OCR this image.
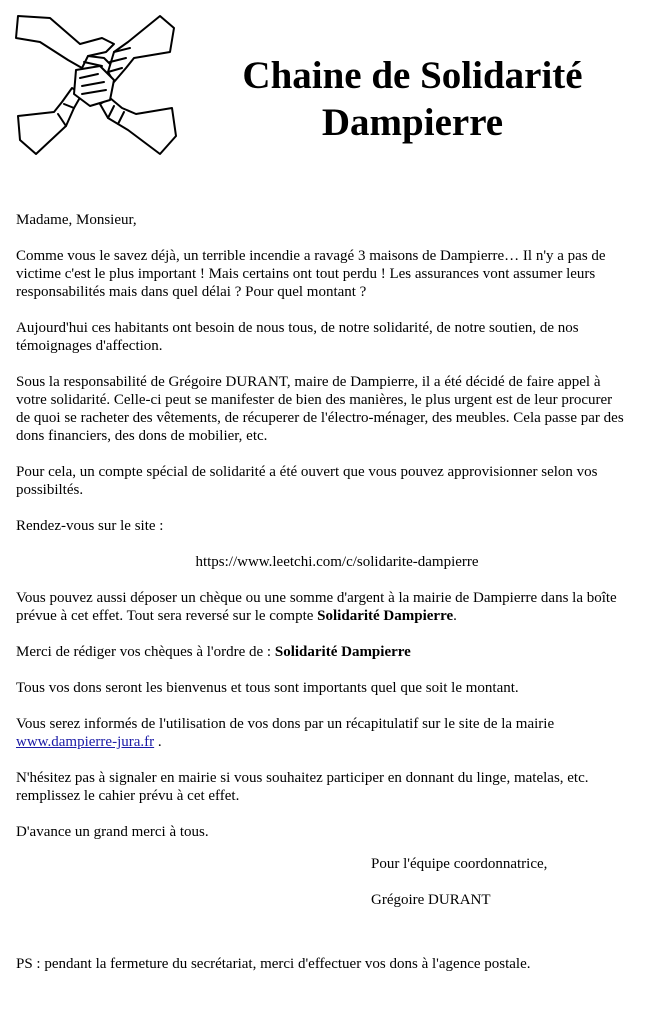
Chaine de Solidarité
Dampierre

Madame, Monsieur,

Comme vous le savez déjà, un terrible incendie a ravagé 3 maisons de Dampierre… Il n'y a pas de victime c'est le plus important ! Mais certains ont tout perdu ! Les assurances vont assumer leurs responsabilités mais dans quel délai ? Pour quel montant ?

Aujourd'hui ces habitants ont besoin de nous tous, de notre solidarité, de notre soutien, de nos témoignages d'affection.

Sous la responsabilité de Grégoire DURANT, maire de Dampierre, il a été décidé de faire appel à votre solidarité. Celle-ci peut se manifester de bien des manières, le plus urgent est de leur procurer de quoi se racheter des vêtements, de récuperer de l'électro-ménager, des meubles. Cela passe par des dons financiers, des dons de mobilier, etc.

Pour cela, un compte spécial de solidarité a été ouvert que vous pouvez approvisionner selon vos possibiltés.

Rendez-vous sur le site :

https://www.leetchi.com/c/solidarite-dampierre

Vous pouvez aussi déposer un chèque ou une somme d'argent à la mairie de Dampierre dans la boîte prévue à cet effet. Tout sera reversé sur le compte Solidarité Dampierre.

Merci de rédiger vos chèques à l'ordre de : Solidarité Dampierre

Tous vos dons seront les bienvenus et tous sont importants quel que soit le montant.

Vous serez informés de l'utilisation de vos dons par un récapitulatif sur le site de la mairie www.dampierre-jura.fr .

N'hésitez pas à signaler en mairie si vous souhaitez participer en donnant du linge, matelas, etc. remplissez le cahier prévu à cet effet.

D'avance un grand merci à tous.

Pour l'équipe coordonnatrice,

Grégoire DURANT

PS : pendant la fermeture du secrétariat, merci d'effectuer vos dons à l'agence postale.
